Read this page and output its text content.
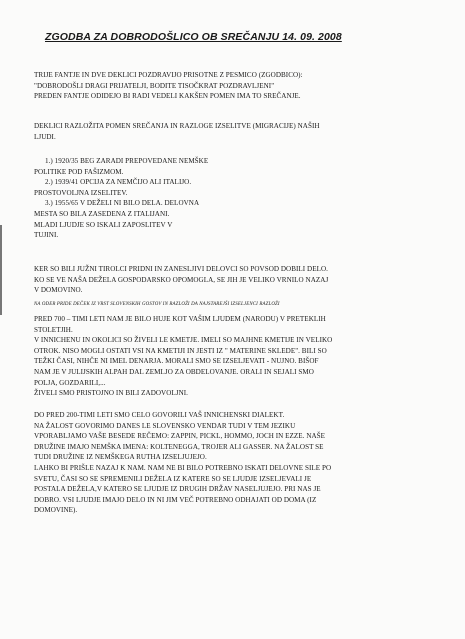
ZGODBA ZA DOBRODOŠLICO OB SREČANJU 14. 09. 2008
TRIJE FANTJE IN DVE DEKLICI POZDRAVIJO PRISOTNE Z PESMICO (ZGODBICO):
"DOBRODOŠLI DRAGI PRIJATELJI, BODITE TISOČKRAT POZDRAVLJENI"
PREDEN FANTJE ODIDEJO BI RADI VEDELI KAKŠEN POMEN IMA TO SREČANJE.
DEKLICI RAZLOŽITA POMEN SREČANJA IN RAZLOGE IZSELITVE (MIGRACIJE) NAŠIH
LJUDI.
1.) 1920/35 BEG ZARADI PREPOVEDANE NEMŠKE
POLITIKE POD FAŠIZMOM.
2.) 1939/41 OPCIJA ZA NEMČIJO ALI ITALIJO.
PROSTOVOLJNA IZSELITEV.
3.) 1955/65 V DEŽELI NI BILO DELA. DELOVNA
MESTA SO BILA ZASEDENA Z ITALIJANI.
MLADI LJUDJE SO ISKALI ZAPOSLITEV V
TUJINI.
KER SO BILI JUŽNI TIROLCI PRIDNI IN ZANESLJIVI DELOVCI SO POVSOD DOBILI DELO.
KO SE VE NAŠA DEŽELA GOSPODARSKO OPOMOGLA, SE JIH JE VELIKO VRNILO NAZAJ
V DOMOVINO.
NA ODER PRIDE DEČEK IZ VRST SLOVENSKIH GOSTOV IN RAZLOŽI DA NAJSTAREJŠI IZSELJENCI RAZLOŽI
PRED 700 – TIMI LETI NAM JE BILO HUJE KOT VAŠIM LJUDEM (NARODU) V PRETEKLIH
STOLETJIH.
V INNICHENU IN OKOLICI SO ŽIVELI LE KMETJE. IMELI SO MAJHNE KMETIJE IN VELIKO
OTROK. NISO MOGLI OSTATI VSI NA KMETIJI IN JESTI IZ " MATERINE SKLEDE". BILI SO
TEŽKI ČASI, NIHČE NI IMEL DENARJA. MORALI SMO SE IZSELJEVATI - NUJNO. BIŠOF
NAM JE V JULIJSKIH ALPAH DAL ZEMLJO ZA OBDELOVANJE. ORALI IN SEJALI SMO
POLJA, GOZDARILI,...
ŽIVELI SMO PRISTOJNO IN BILI ZADOVOLJNI.
DO PRED 200-TIMI LETI SMO CELO GOVORILI VAŠ INNICHENSKI DIALEKT.
NA ŽALOST GOVORIMO DANES LE SLOVENSKO VENDAR TUDI V TEM JEZIKU
VPORABLJAMO VAŠE BESEDE REČEMO: ZAPPIN, PICKL, HOMMO, JOCH IN EZZE. NAŠE
DRUŽINE IMAJO NEMŠKA IMENA: KOLTENEGGA, TROJER ALI GASSER. NA ŽALOST SE
TUDI DRUŽINE IZ NEMŠKEGA RUTHA IZSELJUJEJO.
LAHKO BI PRIŠLE NAZAJ K NAM. NAM NE BI BILO POTREBNO ISKATI DELOVNE SILE PO
SVETU, ČASI SO SE SPREMENILI DEŽELA IZ KATERE SO SE LJUDJE IZSELJEVALI JE
POSTALA DEŽELA,V KATERO SE LJUDJE IZ DRUGIH DRŽAV NASELJUJEJO. PRI NAS JE
DOBRO. VSI LJUDJE IMAJO DELO IN NI JIM VEČ POTREBNO ODHAJATI OD DOMA (IZ
DOMOVINE).
